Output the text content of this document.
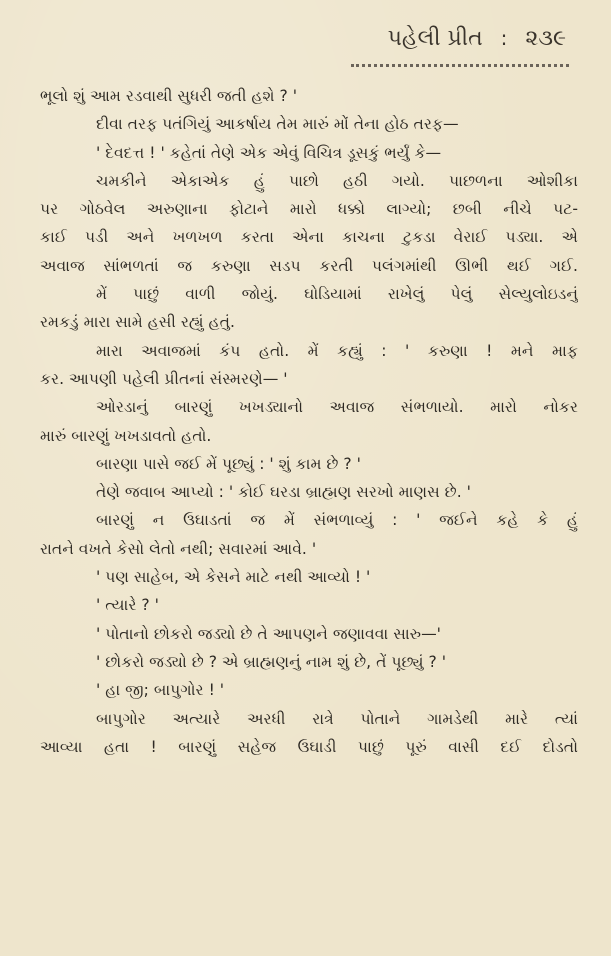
પહેલી પ્રીત : ૨૩૯
ભૂલો શું આમ રડવાથી સુધરી જતી હશે ? '
દીવા તરફ પતંગિયું આકર્ષાય તેમ મારું મોં તેના હોઠ તરફ—
' દેવદત્ત ! ' કહેતાં તેણે એક એવું વિચિત્ર ડૂસકું ભર્યું કે—
ચમકીને એકાએક હું પાછો હઠી ગયો. પાછળના ઓશીકા
પર ગોઠવેલ અરુણાના ફોટાને મારો ધક્કો લાગ્યો; છબી નીચે પટ-
કાઈ પડી અને ખળખળ કરતા એના કાચના ટુકડા વેરાઈ પડ્યા. એ
અવાજ સાંભળતાં જ કરુણા સડપ કરતી પલંગમાંથી ઊભી થઈ ગઈ.
મેં પાછું વાળી જોયું. ઘોડિયામાં રાખેલું પેલું સેલ્યુલોઇડનું
રમકડું મારા સામે હસી રહ્યું હતું.
મારા અવાજમાં કંપ હતો. મેં કહ્યું : ' કરુણા ! મને માફ
કર. આપણી પહેલી પ્રીતનાં સંસ્મરણે— '
ઓરડાનું બારણું ખખડ્યાનો અવાજ સંભળાયો. મારો નોકર
મારું બારણું ખખડાવતો હતો.
બારણા પાસે જઈ મેં પૂછ્યું : ' શું કામ છે ? '
તેણે જવાબ આપ્યો : ' કોઈ ઘરડા બ્રાહ્મણ સરખો માણસ છે. '
બારણું ન ઉઘાડતાં જ મેં સંભળાવ્યું : ' જઈને કહે કે હું
રાતને વખતે કેસો લેતો નથી; સવારમાં આવે. '
' પણ સાહેબ, એ કેસને માટે નથી આવ્યો ! '
' ત્યારે ? '
' પોતાનો છોકરો જડ્યો છે તે આપણને જણાવવા સારુ—'
' છોકરો જડ્યો છે ? એ બ્રાહ્મણનું નામ શું છે, તેં પૂછ્યું ? '
' હા જી; બાપુગોર ! '
બાપુગોર અત્યારે અરધી રાત્રે પોતાને ગામડેથી મારે ત્યાં
આવ્યા હતા ! બારણું સહેજ ઉઘાડી પાછું પૂરું વાસી દઈ દોડતો
